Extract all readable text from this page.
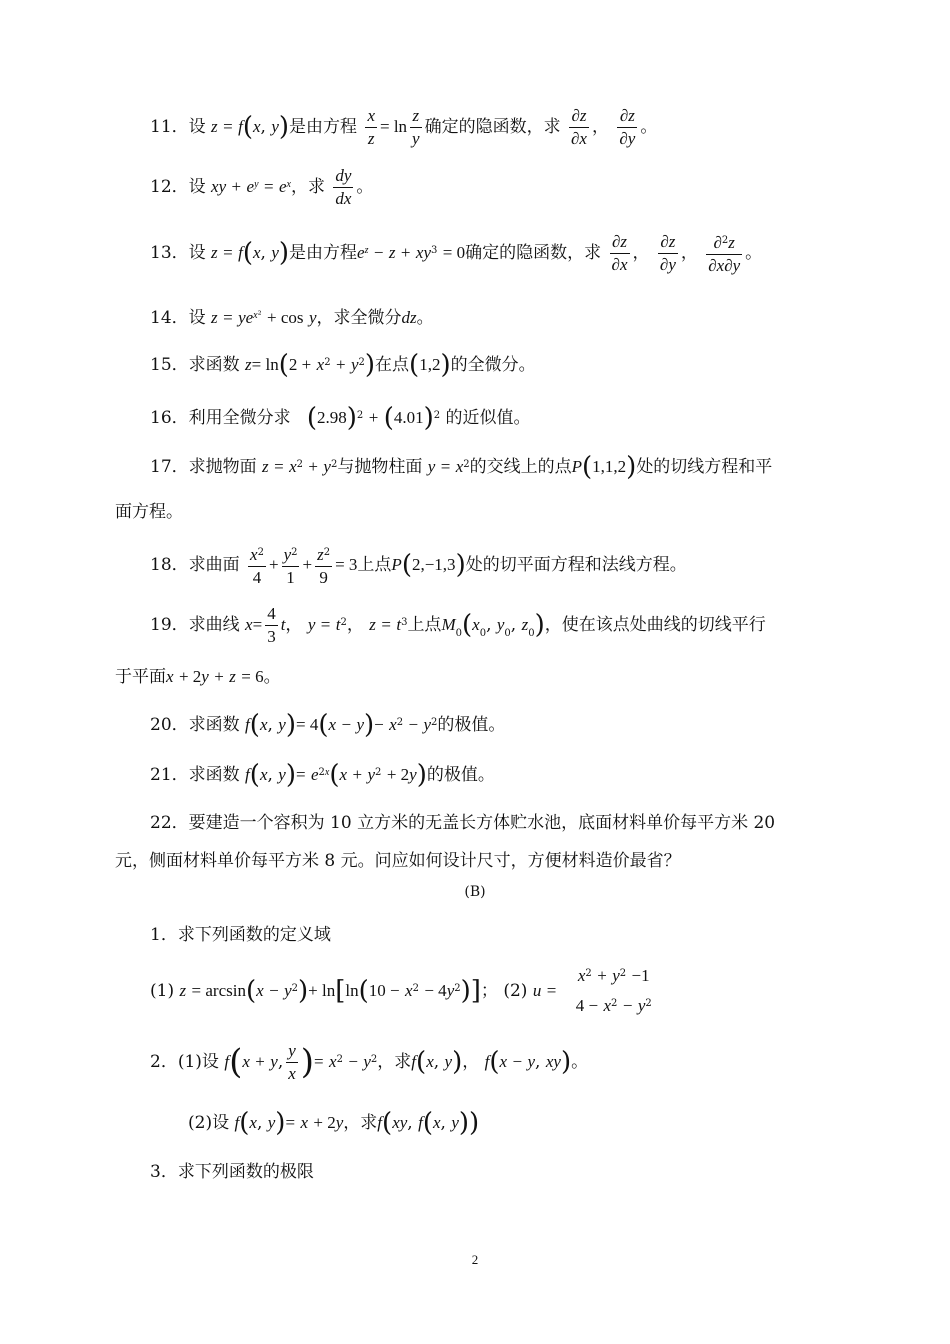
11．设 z = f(x, y)是由方程 $\frac{x}{z} = \ln \frac{z}{y}$ 确定的隐函数，求 $\frac{\partial z}{\partial x}$ ， $\frac{\partial z}{\partial y}$ 。
12．设 xy + $e^y = e^x$，求 $\frac{dy}{dx}$ 。
13．设 z = f(x, y)是由方程$e^z - z + xy^3 = 0$确定的隐函数，求 $\frac{\partial z}{\partial x}$ ， $\frac{\partial z}{\partial y}$ ， $\frac{\partial^2z}{\partial x\partial y}$ 。
14．设 $z = ye^{x^2} + \cos y$，求全微分dz。
15．求函数 $z= \ln(2 + x^2 + y^2)$在点(1,2)的全微分。
16．利用全微分求 $(2.98)^2 + (4.01)^2$ 的近似值。
17．求抛物面 $z = x^2 + y^2$与抛物柱面 $y = x^2$的交线上的点P(1,1,2)处的切线方程和平
面方程。
18．求曲面 $\frac{x^2}{4} + \frac{y^2}{1} + \frac{z^2}{9} = 3$上点P(2,−1,3)处的切平面方程和法线方程。
19．求曲线 $x= \frac{4}{3}$ t， $y = t^2$， $z = t^3$上点$M_0(x_0$, $y_0$, $z_0$)，使在该点处曲线的切线平行
于平面x + 2y + z = 6。
20．求函数 f(x, $y)= 4(x - y)- x^2 - y^2$的极值。
21．求函数 f(x, $y)= e^{2x}(x + y^2 + 2y)$的极值。
22．要建造一个容积为 10 立方米的无盖长方体贮水池，底面材料单价每平方米 20
元，侧面材料单价每平方米 8 元。问应如何设计尺寸，方便材料造价最省？
(B)
1．求下列函数的定义域
(1) $z = \arcsin(x - y^2)+ \ln[\ln(10 - x^2 - 4y^2)]$； (2) u =
$x^2 + y^2 -1$
$4 - x^2 - y^2$
2．(1)设 f(x + y, $\frac{y}{x}$ )= $x^2 - y^2$，求f(x, y)， f(x − y, xy)。
(2)设 f(x, y)= x + 2y，求f(xy, f(x, y))
3．求下列函数的极限
2
